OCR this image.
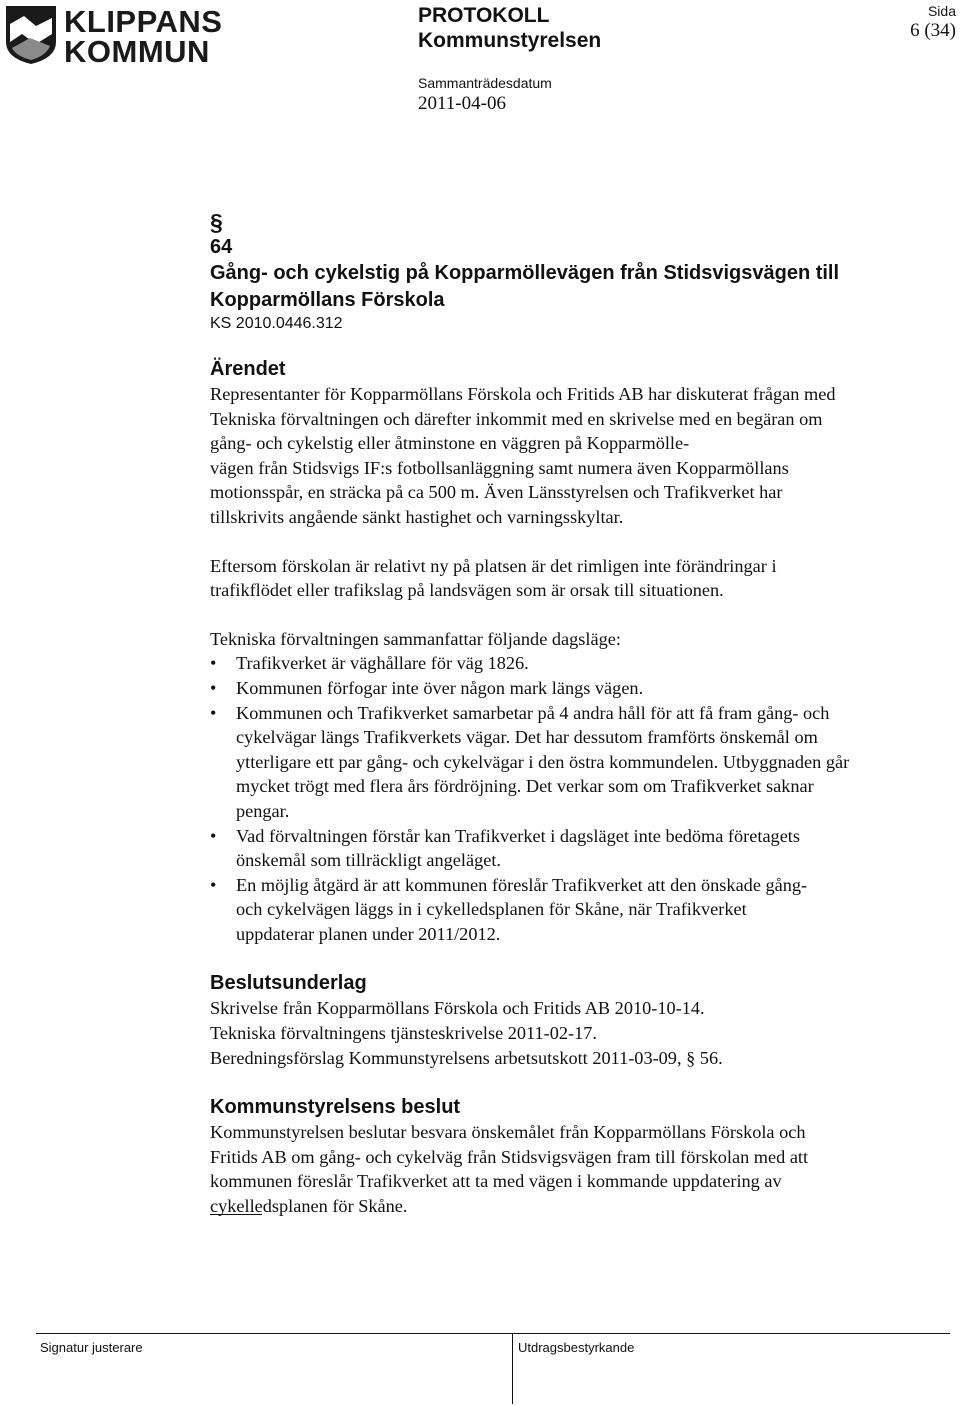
KLIPPANS
KOMMUN
PROTOKOLL
Kommunstyrelsen
Sida
6 (34)
Sammanträdesdatum
2011-04-06
§
64
Gång- och cykelstig på Kopparmöllevägen från Stidsvigsvägen till
Kopparmöllans Förskola
KS 2010.0446.312
Ärendet

Representanter för Kopparmöllans Förskola och Fritids AB har diskuterat frågan med
Tekniska förvaltningen och därefter inkommit med en skrivelse med en begäran om
gång- och cykelstig eller åtminstone en väggren på Kopparmölle-
vägen från Stidsvigs IF:s fotbollsanläggning samt numera även Kopparmöllans
motionsspår, en sträcka på ca 500 m. Även Länsstyrelsen och Trafikverket har
tillskrivits angående sänkt hastighet och varningsskyltar.

Eftersom förskolan är relativt ny på platsen är det rimligen inte förändringar i
trafikflödet eller trafikslag på landsvägen som är orsak till situationen.

Tekniska förvaltningen sammanfattar följande dagsläge:

• Trafikverket är väghållare för väg 1826.
• Kommunen förfogar inte över någon mark längs vägen.
• Kommunen och Trafikverket samarbetar på 4 andra håll för att få fram gång- och
cykelvägar längs Trafikverkets vägar. Det har dessutom framförts önskemål om
ytterligare ett par gång- och cykelvägar i den östra kommundelen. Utbyggnaden går
mycket trögt med flera års fördröjning. Det verkar som om Trafikverket saknar
pengar.
• Vad förvaltningen förstår kan Trafikverket i dagsläget inte bedöma företagets
önskemål som tillräckligt angeläget.
• En möjlig åtgärd är att kommunen föreslår Trafikverket att den önskade gång-
och cykelvägen läggs in i cykelledsplanen för Skåne, när Trafikverket
uppdaterar planen under 2011/2012.
Beslutsunderlag

Skrivelse från Kopparmöllans Förskola och Fritids AB 2010-10-14.
Tekniska förvaltningens tjänsteskrivelse 2011-02-17.
Beredningsförslag Kommunstyrelsens arbetsutskott 2011-03-09, § 56.

Kommunstyrelsens beslut

Kommunstyrelsen beslutar besvara önskemålet från Kopparmöllans Förskola och
Fritids AB om gång- och cykelväg från Stidsvigsvägen fram till förskolan med att
kommunen föreslår Trafikverket att ta med vägen i kommande uppdatering av
cykelledsplanen för Skåne.

Signatur justerare	Utdragsbestyrkande
